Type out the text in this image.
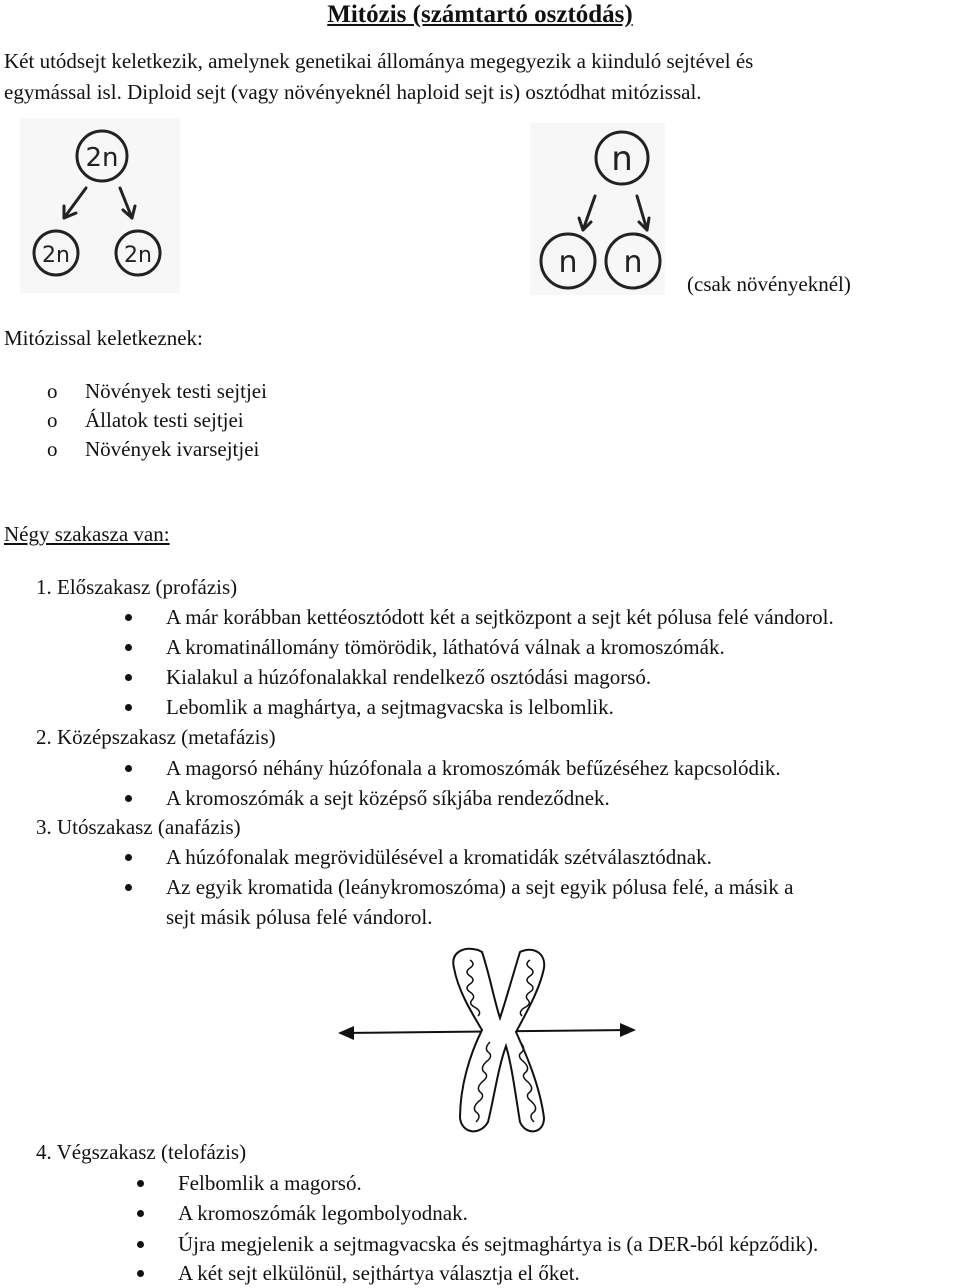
Mitózis (számtartó osztódás)
Két utódsejt keletkezik, amelynek genetikai állománya megegyezik a kiinduló sejtével és
egymással isl. Diploid sejt (vagy növényeknél haploid sejt is) osztódhat mitózissal.
2n
2n 2n
n
n n
(csak növényeknél)
Mitózissal keletkeznek:
o Növények testi sejtjei
o Állatok testi sejtjei
o Növények ivarsejtjei
Négy szakasza van:
1. Előszakasz (profázis)
A már korábban kettéosztódott két a sejtközpont a sejt két pólusa felé vándorol.
A kromatinállomány tömörödik, láthatóvá válnak a kromoszómák.
Kialakul a húzófonalakkal rendelkező osztódási magorsó.
Lebomlik a maghártya, a sejtmagvacska is lelbomlik.
2. Középszakasz (metafázis)
A magorsó néhány húzófonala a kromoszómák befűzéséhez kapcsolódik.
A kromoszómák a sejt középső síkjába rendeződnek.
3. Utószakasz (anafázis)
A húzófonalak megrövidülésével a kromatidák szétválasztódnak.
Az egyik kromatida (leánykromoszóma) a sejt egyik pólusa felé, a másik a
sejt másik pólusa felé vándorol.
4. Végszakasz (telofázis)
Felbomlik a magorsó.
A kromoszómák legombolyodnak.
Újra megjelenik a sejtmagvacska és sejtmaghártya is (a DER-ból képződik).
A két sejt elkülönül, sejthártya választja el őket.
